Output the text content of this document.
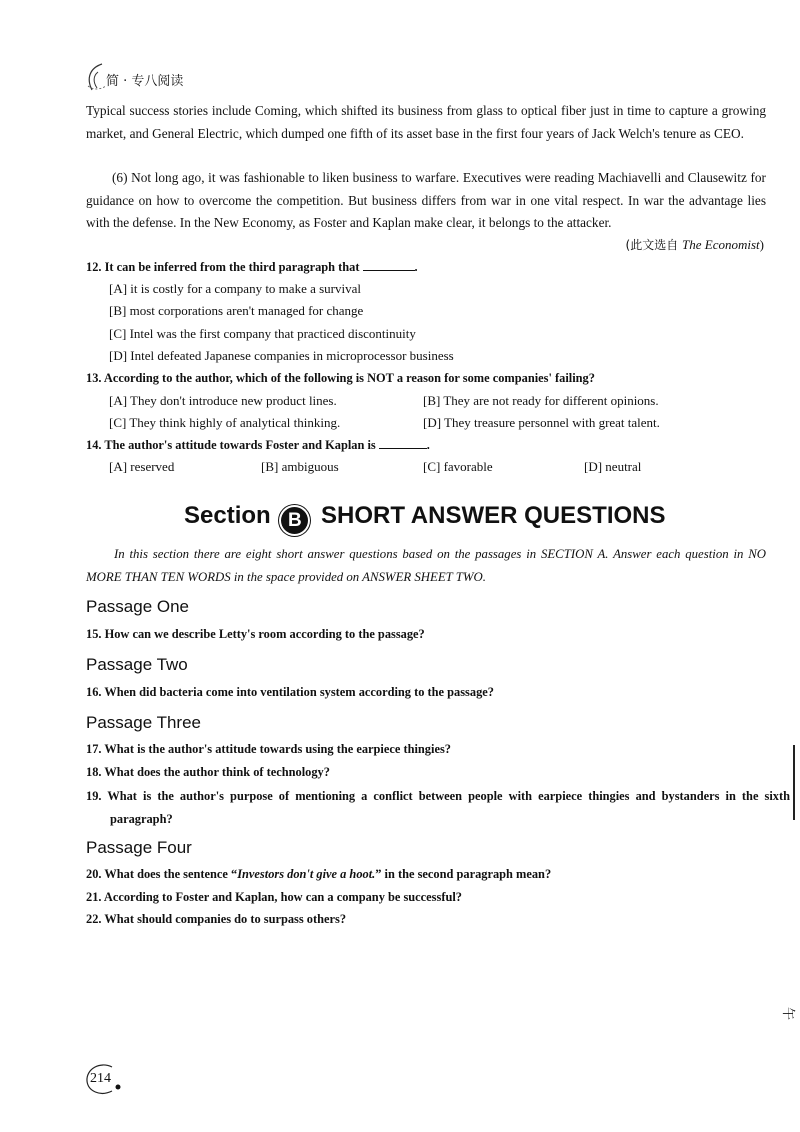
简 · 专八阅读
Typical success stories include Coming, which shifted its business from glass to optical fiber just in time to capture a growing market, and General Electric, which dumped one fifth of its asset base in the first four years of Jack Welch's tenure as CEO.
(6) Not long ago, it was fashionable to liken business to warfare. Executives were reading Machiavelli and Clausewitz for guidance on how to overcome the competition. But business differs from war in one vital respect. In war the advantage lies with the defense. In the New Economy, as Foster and Kaplan make clear, it belongs to the attacker.
(此文选自 The Economist)
12. It can be inferred from the third paragraph that	.
[A] it is costly for a company to make a survival
[B] most corporations aren't managed for change
[C] Intel was the first company that practiced discontinuity
[D] Intel defeated Japanese companies in microprocessor business
13. According to the author, which of the following is NOT a reason for some companies' failing?
[A] They don't introduce new product lines.	[B] They are not ready for different opinions.
[C] They think highly of analytical thinking.	[D] They treasure personnel with great talent.
14. The author's attitude towards Foster and Kaplan is	.
[A] reserved	[B] ambiguous	[C] favorable	[D] neutral
Section B SHORT ANSWER QUESTIONS
In this section there are eight short answer questions based on the passages in SECTION A. Answer each question in NO MORE THAN TEN WORDS in the space provided on ANSWER SHEET TWO.
Passage One
15. How can we describe Letty's room according to the passage?
Passage Two
16. When did bacteria come into ventilation system according to the passage?
Passage Three
17. What is the author's attitude towards using the earpiece thingies?
18. What does the author think of technology?
19. What is the author's purpose of mentioning a conflict between people with earpiece thingies and bystanders in the sixth paragraph?
Passage Four
20. What does the sentence “Investors don't give a hoot.” in the second paragraph mean?
21. According to Foster and Kaplan, how can a company be successful?
22. What should companies do to surpass others?
午
214
